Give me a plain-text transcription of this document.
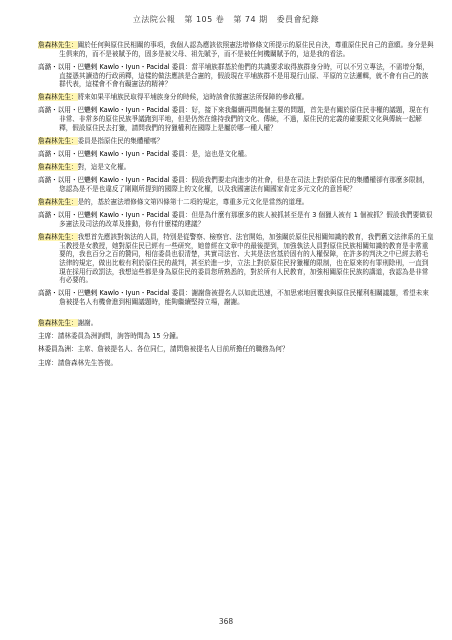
立法院公報 第 105 卷 第 74 期 委員會紀錄

詹森林先生：關於任何與原住民相關的事項，我個人認為應該依照憲法增修條文所提示的原住民自決，尊重原住民自己的意願。身分是與生俱來的，而不是被賦予的，固多是被父母、祖先賦予，而不是被任何機關賦予的，這是我的看法。

高潞・以用・巴魕剌 Kawlo・Iyun・Pacidal 委員：當平埔族群基於他們的共識要求取得族群身分時，可以不另立專法，不需增分類，直接憑其讀造的行政函釋，這樣的做法應該是合憲的，假設現在平埔族群不是用現行山原、平原的立法邏輯，就不會有自己的族群代表，這樣會不會有礙憲法的精神？

詹森林先生：將來如果平埔族民取得平埔族身分的時候，這時該會依據憲法所保障的參政權。

高潞・以用・巴魕剌 Kawlo・Iyun・Pacidal 委員：好，接下來我繼續再問幾個主要的問題，首先是有關於原住民非權的議題，現在有非常、非常多的原住民族爭議跑到平地，但是仍然在維持我們的文化、傳統，不過，原住民的定義的確要跟文化與傳統一起解釋，假設原住民去打獵，請問我們的狩獵權利在國際上是屬於哪一種人權？

詹森林先生：委員是指原住民的集體權嗎？

高潞・以用・巴魕剌 Kawlo・Iyun・Pacidal 委員：是，這也是文化權。

詹森林先生：對，這是文化權。

高潞・以用・巴魕剌 Kawlo・Iyun・Pacidal 委員：假設我們要走向進步的社會，但是在司法上對於原住民的集體權卻有那麼多限制，您認為是不是也違反了剛剛所提到的國際上的文化權，以及我國憲法有關國家肯定多元文化的意旨呢？

詹森林先生：是的，基於憲法增修條文第四條第十二項的規定，尊重多元文化是當然的道理。

高潞・以用・巴魕剌 Kawlo・Iyun・Pacidal 委員：但是為什麼有那麼多的族人被抓甚至是有 3 個獵人被有 1 個被抓？假設我們要做很多憲法及司法的改革及推動，你有什麼樣的建議？

詹森林先生：我想首先應該對執法的人員，特別是從警察、檢察官、法官開始，加強關於原住民相關知識的教育，我們舊文法律系的王皇玉教授是女教授，她對原住民已經有一些研究，她曾經在文章中的最後提到，加強執法人員對原住民族相關知識的教育是非常重要的，我也百分之百的贊同，相信委員也很清楚，其實司法官、大其是法官基於固有的人權保障，在許多的判決之中已經去將毛法律的規定，做出比較有利於原住民的裁判，甚至於進一步，立法上對於原住民狩獵權的限制，也在原來的有罪刑除刑，一直到現在採用行政罰法，我想這些都是身為原住民的委員您所熟悉的，對於所有人民教育，加強相關原住民族的講道，我認為是非常有必要的。

高潞・以用・巴魕剌 Kawlo・Iyun・Pacidal 委員：謝謝詹被提名人以如此迅速，不加思索地回覆我與原住民權利相關議題，希望未來詹被提名人有機會進到相關議題時，能夠繼續堅持立場，謝謝。

詹森林先生：謝謝。

主席：請林委員為洲詢問，詢答時間為 15 分鐘。

林委員為洲：主席、詹被提名人、各位同仁，請問詹被提名人目前所擔任的職務為何？

主席：請詹森林先生答復。

368
